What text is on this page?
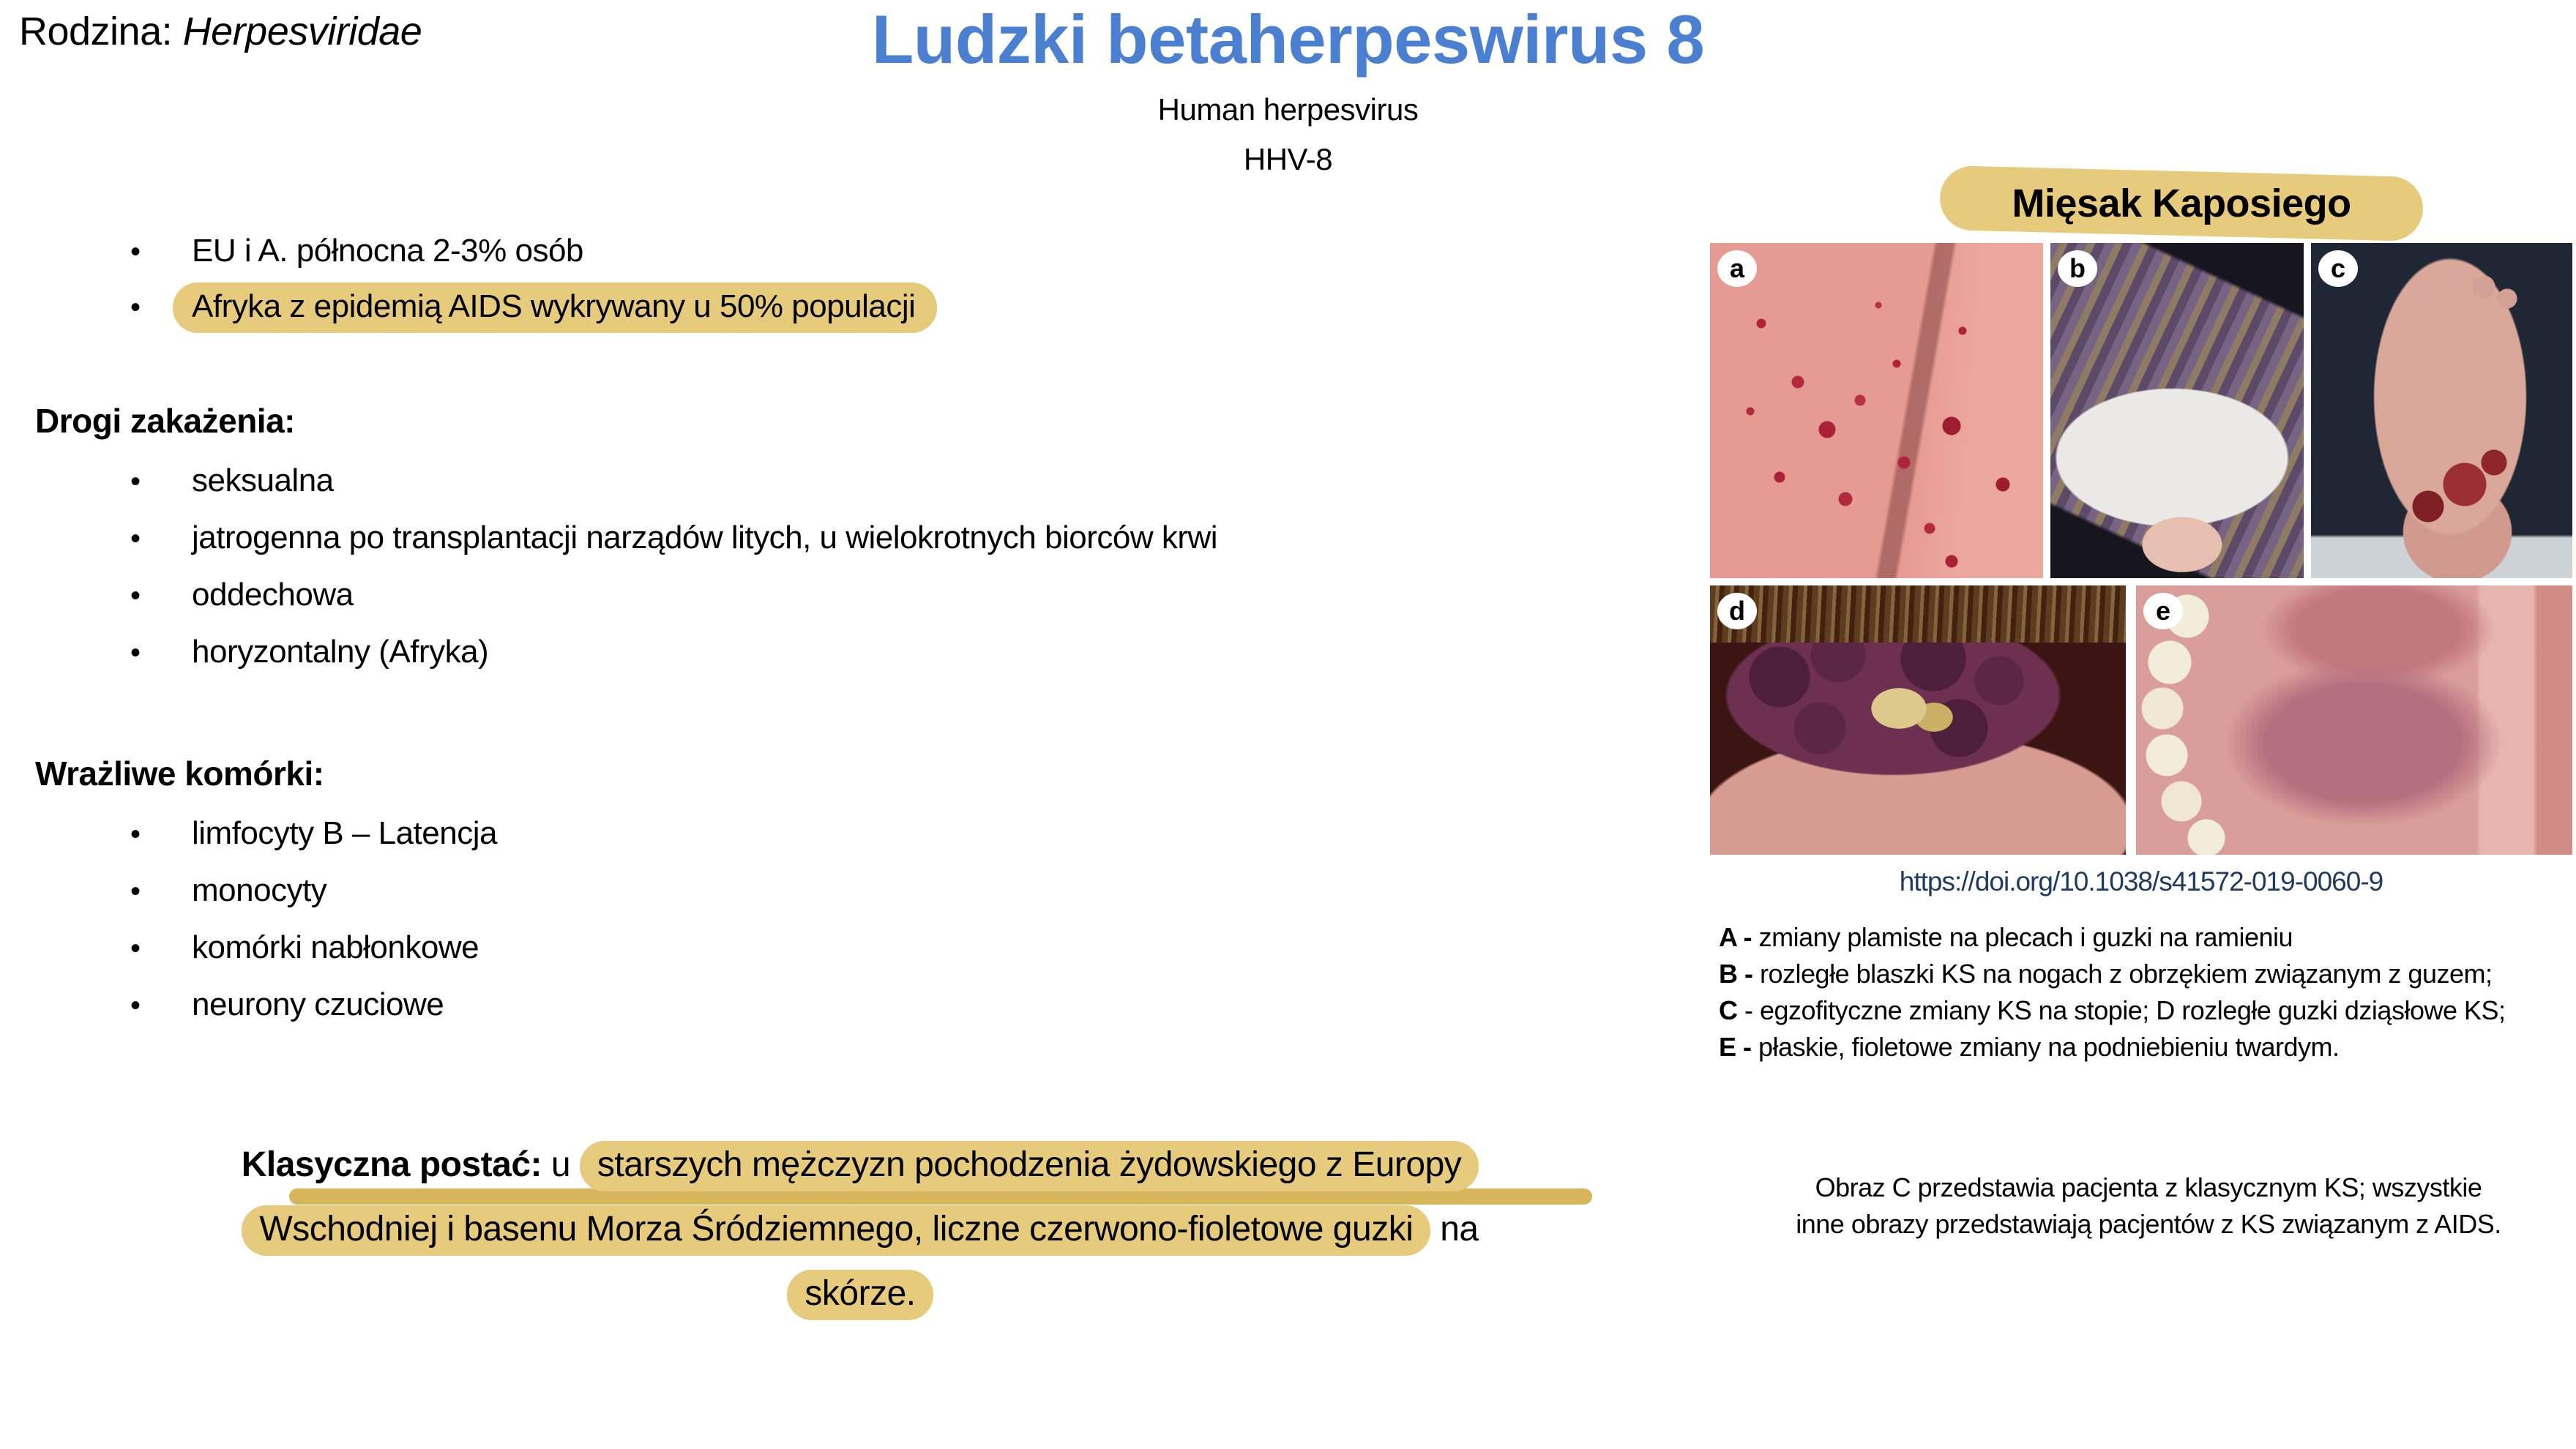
Rodzina: Herpesviridae	Ludzki betaherpeswirus 8
Human herpesvirus
HHV-8
Mięsak Kaposiego
•	EU i A. północna 2-3% osób
•	Afryka z epidemią AIDS wykrywany u 50% populacji
Drogi zakażenia:
•	seksualna
•	jatrogenna po transplantacji narządów litych, u wielokrotnych biorców krwi
•	oddechowa
•	horyzontalny (Afryka)
Wrażliwe komórki:
•	limfocyty B – Latencja
•	monocyty
•	komórki nabłonkowe
•	neurony czuciowe
Klasyczna postać: u starszych mężczyzn pochodzenia żydowskiego z Europy
Wschodniej i basenu Morza Śródziemnego, liczne czerwono-fioletowe guzki na
skórze.
a	b	c
d	e
https://doi.org/10.1038/s41572-019-0060-9
A - zmiany plamiste na plecach i guzki na ramieniu
B - rozległe blaszki KS na nogach z obrzękiem związanym z guzem;
C - egzofityczne zmiany KS na stopie; D rozległe guzki dziąsłowe KS;
E - płaskie, fioletowe zmiany na podniebieniu twardym.
Obraz C przedstawia pacjenta z klasycznym KS; wszystkie
inne obrazy przedstawiają pacjentów z KS związanym z AIDS.
